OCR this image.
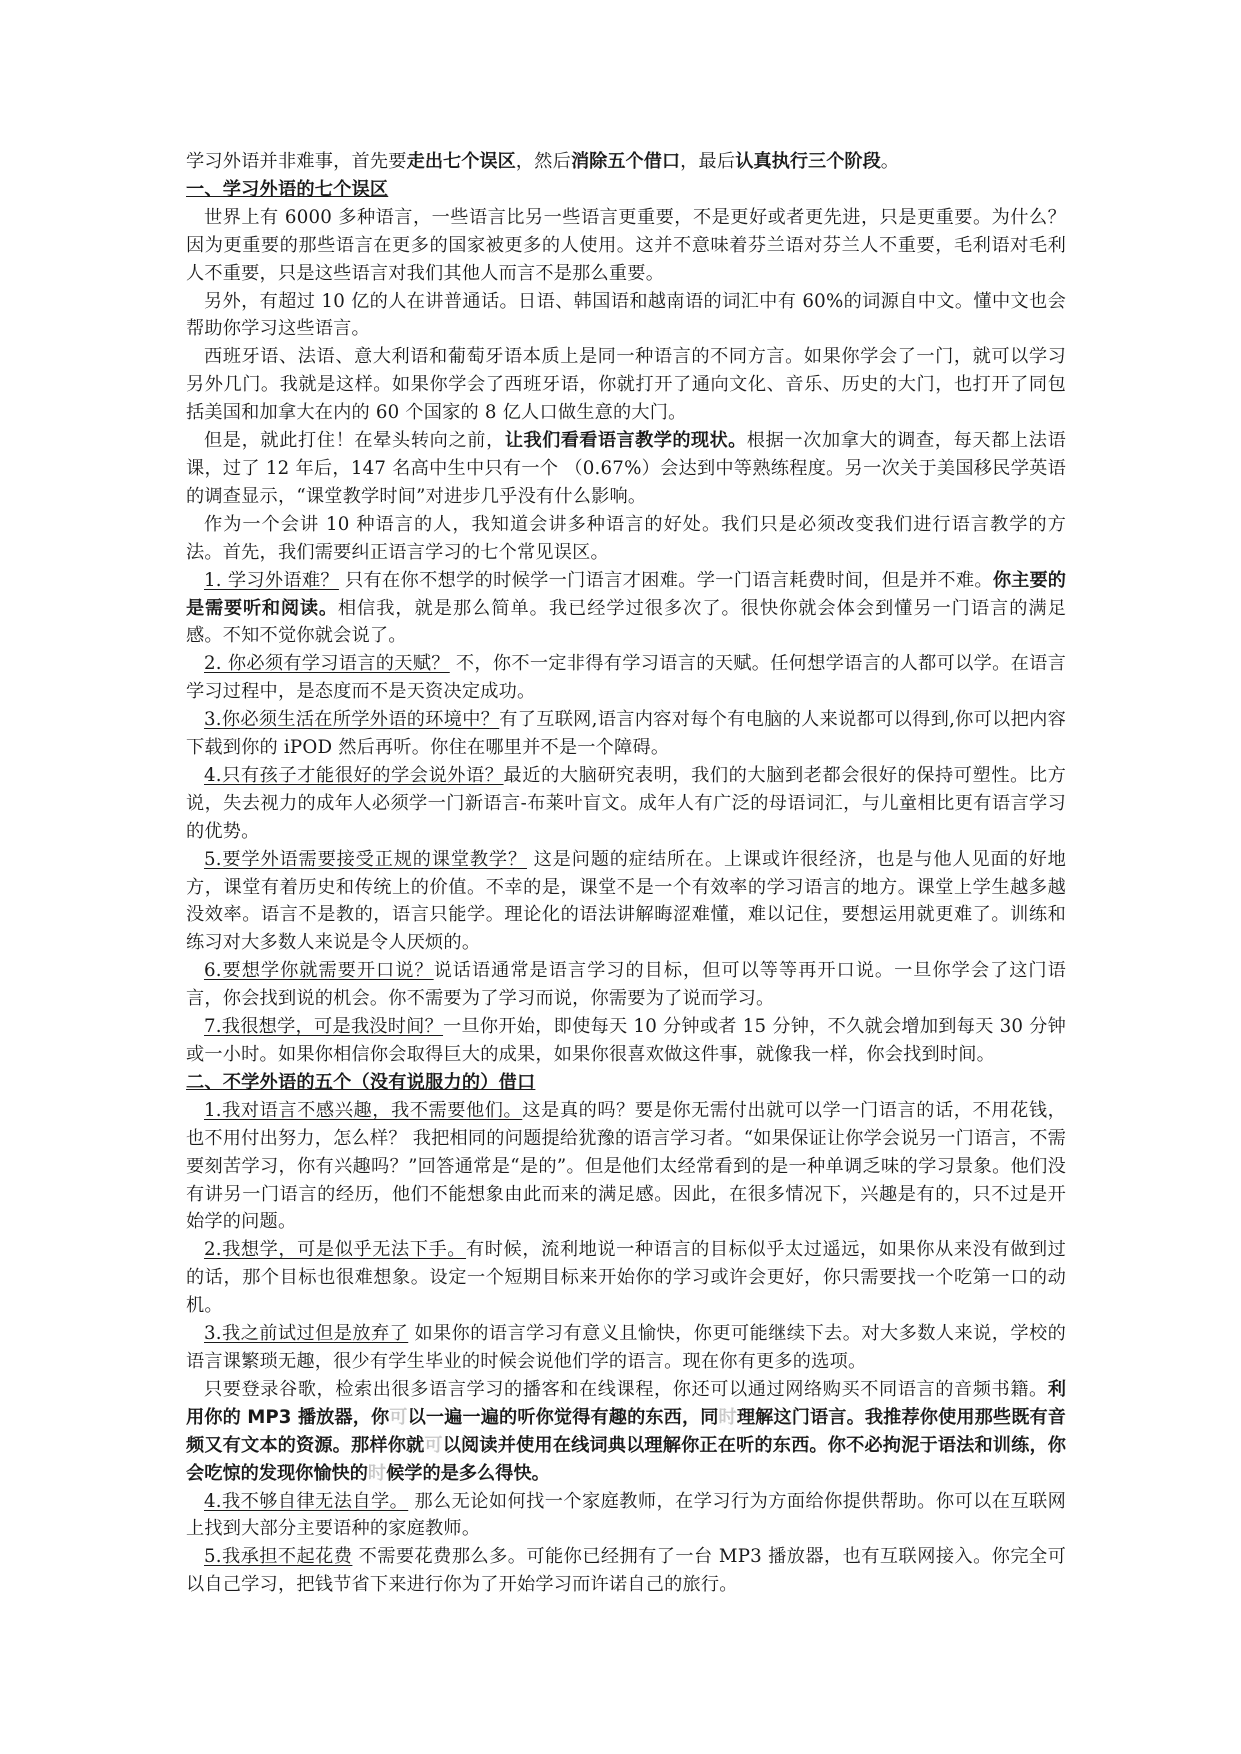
学习外语并非难事，首先要走出七个误区，然后消除五个借口，最后认真执行三个阶段。

一、学习外语的七个误区

世界上有 6000 多种语言，一些语言比另一些语言更重要，不是更好或者更先进，只是更重要。为什么？因为更重要的那些语言在更多的国家被更多的人使用。这并不意味着芬兰语对芬兰人不重要，毛利语对毛利人不重要，只是这些语言对我们其他人而言不是那么重要。

另外，有超过 10 亿的人在讲普通话。日语、韩国语和越南语的词汇中有 60%的词源自中文。懂中文也会帮助你学习这些语言。

西班牙语、法语、意大利语和葡萄牙语本质上是同一种语言的不同方言。如果你学会了一门，就可以学习另外几门。我就是这样。如果你学会了西班牙语，你就打开了通向文化、音乐、历史的大门，也打开了同包括美国和加拿大在内的 60 个国家的 8 亿人口做生意的大门。

但是，就此打住！在晕头转向之前，让我们看看语言教学的现状。根据一次加拿大的调查，每天都上法语课，过了 12 年后，147 名高中生中只有一个 （0.67%）会达到中等熟练程度。另一次关于美国移民学英语的调查显示，“课堂教学时间”对进步几乎没有什么影响。

作为一个会讲 10 种语言的人，我知道会讲多种语言的好处。我们只是必须改变我们进行语言教学的方法。首先，我们需要纠正语言学习的七个常见误区。

1. 学习外语难？ 只有在你不想学的时候学一门语言才困难。学一门语言耗费时间，但是并不难。你主要的是需要听和阅读。相信我，就是那么简单。我已经学过很多次了。很快你就会体会到懂另一门语言的满足感。不知不觉你就会说了。

2. 你必须有学习语言的天赋？ 不，你不一定非得有学习语言的天赋。任何想学语言的人都可以学。在语言学习过程中，是态度而不是天资决定成功。

3.你必须生活在所学外语的环境中？有了互联网,语言内容对每个有电脑的人来说都可以得到,你可以把内容下载到你的 iPOD 然后再听。你住在哪里并不是一个障碍。

4.只有孩子才能很好的学会说外语？最近的大脑研究表明，我们的大脑到老都会很好的保持可塑性。比方说，失去视力的成年人必须学一门新语言-布莱叶盲文。成年人有广泛的母语词汇，与儿童相比更有语言学习的优势。

5.要学外语需要接受正规的课堂教学？ 这是问题的症结所在。上课或许很经济，也是与他人见面的好地方，课堂有着历史和传统上的价值。不幸的是，课堂不是一个有效率的学习语言的地方。课堂上学生越多越没效率。语言不是教的，语言只能学。理论化的语法讲解晦涩难懂，难以记住，要想运用就更难了。训练和练习对大多数人来说是令人厌烦的。

6.要想学你就需要开口说？说话语通常是语言学习的目标，但可以等等再开口说。一旦你学会了这门语言，你会找到说的机会。你不需要为了学习而说，你需要为了说而学习。

7.我很想学，可是我没时间？一旦你开始，即使每天 10 分钟或者 15 分钟，不久就会增加到每天 30 分钟或一小时。如果你相信你会取得巨大的成果，如果你很喜欢做这件事，就像我一样，你会找到时间。

二、不学外语的五个（没有说服力的）借口

1.我对语言不感兴趣，我不需要他们。这是真的吗？要是你无需付出就可以学一门语言的话，不用花钱，也不用付出努力，怎么样？ 我把相同的问题提给犹豫的语言学习者。“如果保证让你学会说另一门语言，不需要刻苦学习，你有兴趣吗？”回答通常是“是的”。但是他们太经常看到的是一种单调乏味的学习景象。他们没有讲另一门语言的经历，他们不能想象由此而来的满足感。因此，在很多情况下，兴趣是有的，只不过是开始学的问题。

2.我想学，可是似乎无法下手。有时候，流利地说一种语言的目标似乎太过遥远，如果你从来没有做到过的话，那个目标也很难想象。设定一个短期目标来开始你的学习或许会更好，你只需要找一个吃第一口的动机。

3.我之前试过但是放弃了 如果你的语言学习有意义且愉快，你更可能继续下去。对大多数人来说，学校的语言课繁琐无趣，很少有学生毕业的时候会说他们学的语言。现在你有更多的选项。

只要登录谷歌，检索出很多语言学习的播客和在线课程，你还可以通过网络购买不同语言的音频书籍。利用你的 MP3 播放器，你可以一遍一遍的听你觉得有趣的东西，同时理解这门语言。我推荐你使用那些既有音频又有文本的资源。那样你就可以阅读并使用在线词典以理解你正在听的东西。你不必拘泥于语法和训练，你会吃惊的发现你愉快的时候学的是多么得快。

4.我不够自律无法自学。 那么无论如何找一个家庭教师，在学习行为方面给你提供帮助。你可以在互联网上找到大部分主要语种的家庭教师。

5.我承担不起花费 不需要花费那么多。可能你已经拥有了一台 MP3 播放器，也有互联网接入。你完全可以自己学习，把钱节省下来进行你为了开始学习而许诺自己的旅行。
